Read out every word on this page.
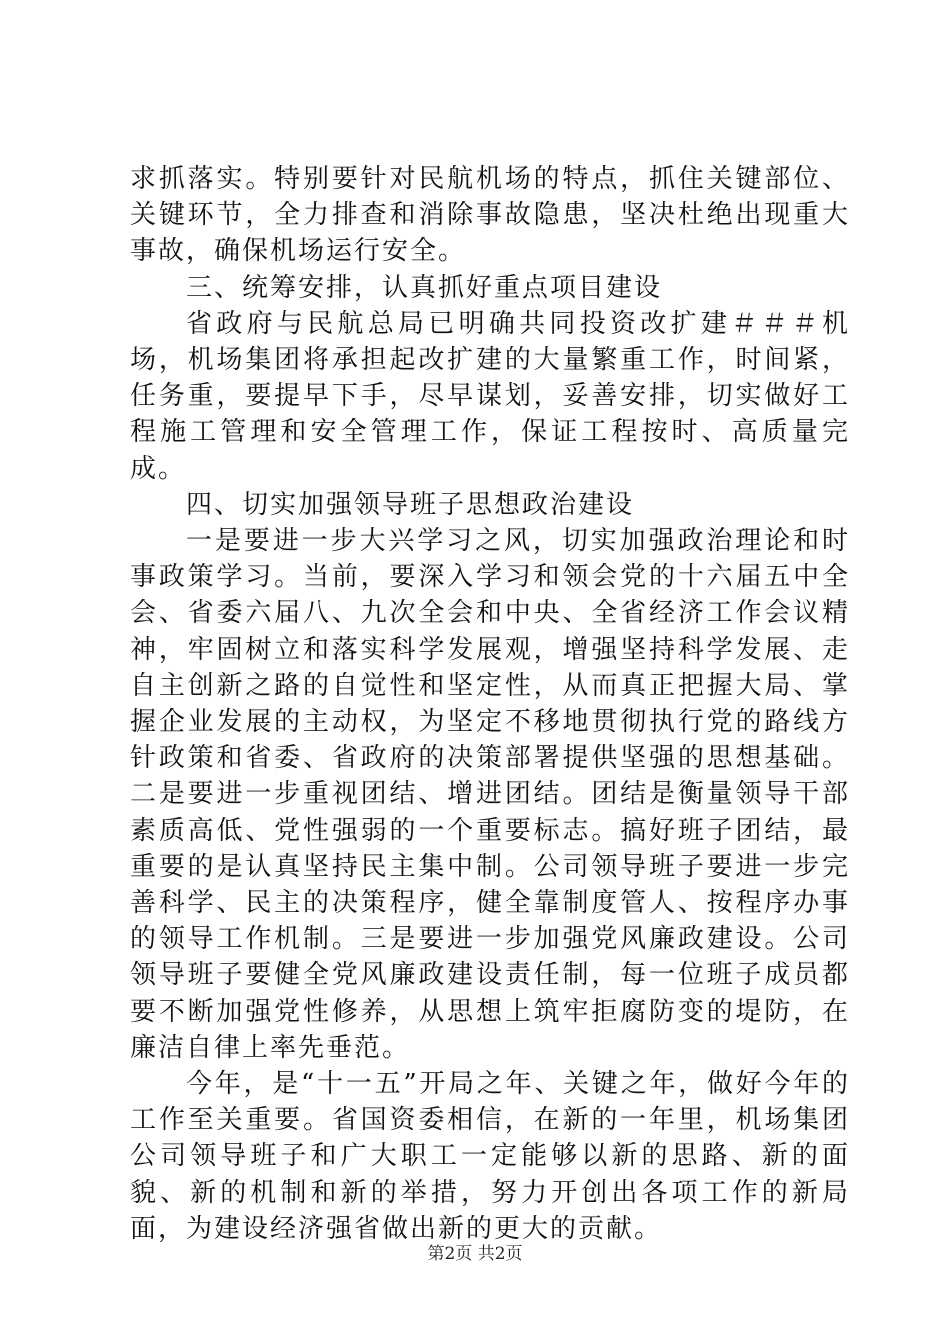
求抓落实。特别要针对民航机场的特点，抓住关键部位、关键环节，全力排查和消除事故隐患，坚决杜绝出现重大事故，确保机场运行安全。

三、统筹安排，认真抓好重点项目建设

省政府与民航总局已明确共同投资改扩建＃＃＃机场，机场集团将承担起改扩建的大量繁重工作，时间紧，任务重，要提早下手，尽早谋划，妥善安排，切实做好工程施工管理和安全管理工作，保证工程按时、高质量完成。

四、切实加强领导班子思想政治建设

一是要进一步大兴学习之风，切实加强政治理论和时事政策学习。当前，要深入学习和领会党的十六届五中全会、省委六届八、九次全会和中央、全省经济工作会议精神，牢固树立和落实科学发展观，增强坚持科学发展、走自主创新之路的自觉性和坚定性，从而真正把握大局、掌握企业发展的主动权，为坚定不移地贯彻执行党的路线方针政策和省委、省政府的决策部署提供坚强的思想基础。二是要进一步重视团结、增进团结。团结是衡量领导干部素质高低、党性强弱的一个重要标志。搞好班子团结，最重要的是认真坚持民主集中制。公司领导班子要进一步完善科学、民主的决策程序，健全靠制度管人、按程序办事的领导工作机制。三是要进一步加强党风廉政建设。公司领导班子要健全党风廉政建设责任制，每一位班子成员都要不断加强党性修养，从思想上筑牢拒腐防变的堤防，在廉洁自律上率先垂范。

今年，是“十一五”开局之年、关键之年，做好今年的工作至关重要。省国资委相信，在新的一年里，机场集团公司领导班子和广大职工一定能够以新的思路、新的面貌、新的机制和新的举措，努力开创出各项工作的新局面，为建设经济强省做出新的更大的贡献。

第2页 共2页
